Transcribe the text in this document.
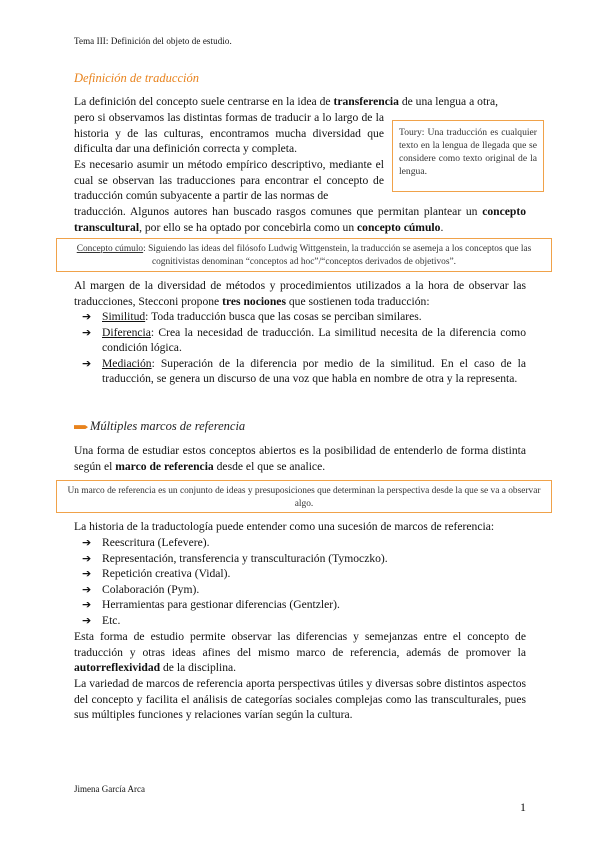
Tema III: Definición del objeto de estudio.
Definición de traducción
La definición del concepto suele centrarse en la idea de transferencia de una lengua a otra,
pero si observamos las distintas formas de traducir a lo largo de la historia y de las culturas, encontramos mucha diversidad que dificulta dar una definición correcta y completa.
Toury: Una traducción es cualquier texto en la lengua de llegada que se considere como texto original de la lengua.
Es necesario asumir un método empírico descriptivo, mediante el cual se observan las traducciones para encontrar el concepto de traducción común subyacente a partir de las normas de
traducción. Algunos autores han buscado rasgos comunes que permitan plantear un concepto transcultural, por ello se ha optado por concebirla como un concepto cúmulo.
Concepto cúmulo: Siguiendo las ideas del filósofo Ludwig Wittgenstein, la traducción se asemeja a los conceptos que las cognitivistas denominan “conceptos ad hoc”/“conceptos derivados de objetivos”.
Al margen de la diversidad de métodos y procedimientos utilizados a la hora de observar las traducciones, Stecconi propone tres nociones que sostienen toda traducción:
➔ Similitud: Toda traducción busca que las cosas se perciban similares.
➔ Diferencia: Crea la necesidad de traducción. La similitud necesita de la diferencia como condición lógica.
➔ Mediación: Superación de la diferencia por medio de la similitud. En el caso de la traducción, se genera un discurso de una voz que habla en nombre de otra y la representa.
Múltiples marcos de referencia
Una forma de estudiar estos conceptos abiertos es la posibilidad de entenderlo de forma distinta según el marco de referencia desde el que se analice.
Un marco de referencia es un conjunto de ideas y presuposiciones que determinan la perspectiva desde la que se va a observar algo.
La historia de la traductología puede entender como una sucesión de marcos de referencia:
➔ Reescritura (Lefevere).
➔ Representación, transferencia y transculturación (Tymoczko).
➔ Repetición creativa (Vidal).
➔ Colaboración (Pym).
➔ Herramientas para gestionar diferencias (Gentzler).
➔ Etc.
Esta forma de estudio permite observar las diferencias y semejanzas entre el concepto de traducción y otras ideas afines del mismo marco de referencia, además de promover la autorreflexividad de la disciplina.
La variedad de marcos de referencia aporta perspectivas útiles y diversas sobre distintos aspectos del concepto y facilita el análisis de categorías sociales complejas como las transculturales, pues sus múltiples funciones y relaciones varían según la cultura.
Jimena García Arca
1
